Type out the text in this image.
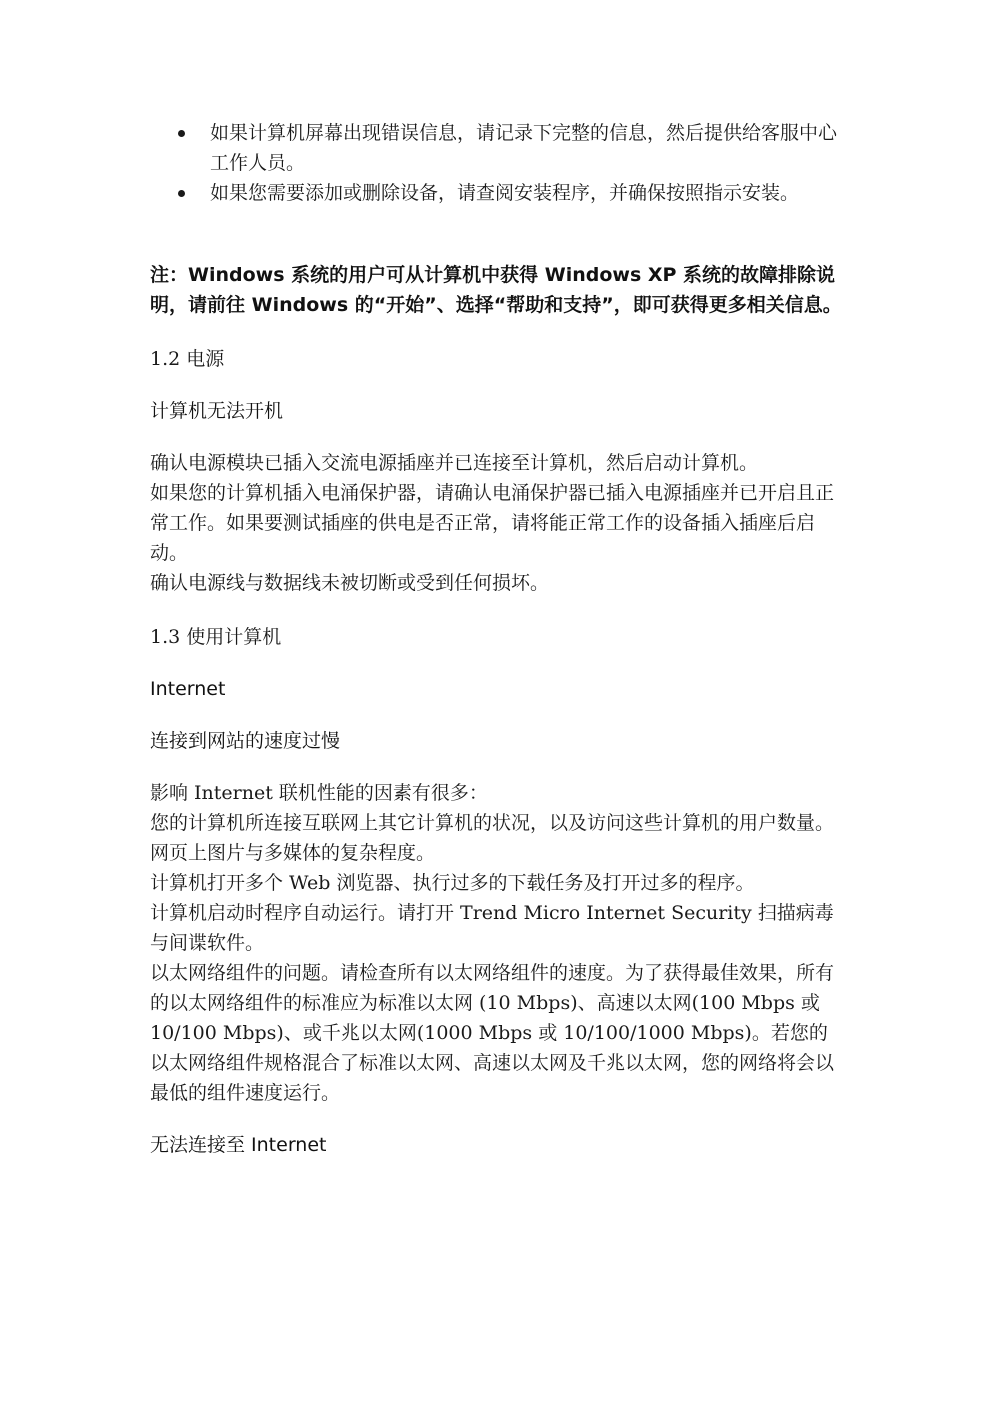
如果计算机屏幕出现错误信息，请记录下完整的信息，然后提供给客服中心工作人员。
如果您需要添加或删除设备，请查阅安装程序，并确保按照指示安装。

注：Windows 系统的用户可从计算机中获得 Windows XP 系统的故障排除说明，请前往 Windows 的“开始”、选择“帮助和支持”，即可获得更多相关信息。

1.2 电源

计算机无法开机

确认电源模块已插入交流电源插座并已连接至计算机，然后启动计算机。

如果您的计算机插入电涌保护器，请确认电涌保护器已插入电源插座并已开启且正常工作。如果要测试插座的供电是否正常，请将能正常工作的设备插入插座后启动。

确认电源线与数据线未被切断或受到任何损坏。

1.3 使用计算机

Internet

连接到网站的速度过慢

影响 Internet 联机性能的因素有很多：

您的计算机所连接互联网上其它计算机的状况，以及访问这些计算机的用户数量。

网页上图片与多媒体的复杂程度。

计算机打开多个 Web 浏览器、执行过多的下载任务及打开过多的程序。

计算机启动时程序自动运行。请打开 Trend Micro Internet Security 扫描病毒与间谍软件。

以太网络组件的问题。请检查所有以太网络组件的速度。为了获得最佳效果，所有的以太网络组件的标准应为标准以太网 (10 Mbps)、高速以太网(100 Mbps 或 10/100 Mbps)、或千兆以太网(1000 Mbps 或 10/100/1000 Mbps)。若您的以太网络组件规格混合了标准以太网、高速以太网及千兆以太网，您的网络将会以最低的组件速度运行。

无法连接至 Internet
